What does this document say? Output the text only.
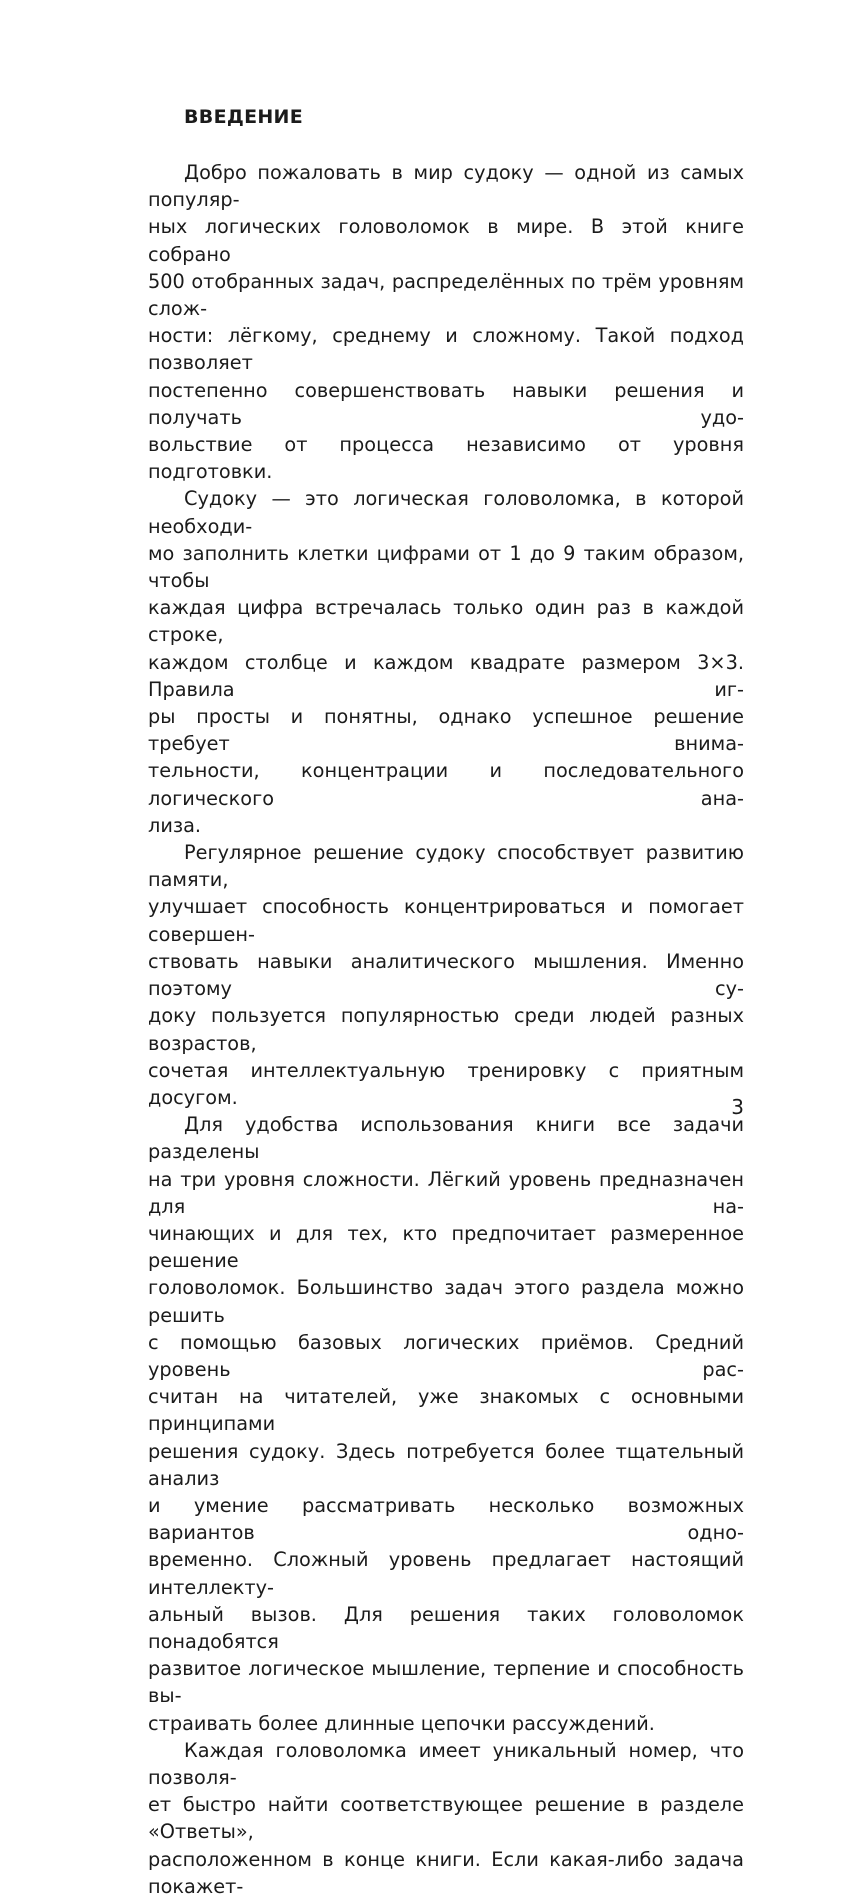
ВВЕДЕНИЕ

Добро пожаловать в мир судоку — одной из самых популяр-
ных логических головоломок в мире. В этой книге собрано
500 отобранных задач, распределённых по трём уровням слож-
ности: лёгкому, среднему и сложному. Такой подход позволяет
постепенно совершенствовать навыки решения и получать удо-
вольствие от процесса независимо от уровня подготовки.

Судоку — это логическая головоломка, в которой необходи-
мо заполнить клетки цифрами от 1 до 9 таким образом, чтобы
каждая цифра встречалась только один раз в каждой строке,
каждом столбце и каждом квадрате размером 3×3. Правила иг-
ры просты и понятны, однако успешное решение требует внима-
тельности, концентрации и последовательного логического ана-
лиза.

Регулярное решение судоку способствует развитию памяти,
улучшает способность концентрироваться и помогает совершен-
ствовать навыки аналитического мышления. Именно поэтому су-
доку пользуется популярностью среди людей разных возрастов,
сочетая интеллектуальную тренировку с приятным досугом.

Для удобства использования книги все задачи разделены
на три уровня сложности. Лёгкий уровень предназначен для на-
чинающих и для тех, кто предпочитает размеренное решение
головоломок. Большинство задач этого раздела можно решить
с помощью базовых логических приёмов. Средний уровень рас-
считан на читателей, уже знакомых с основными принципами
решения судоку. Здесь потребуется более тщательный анализ
и умение рассматривать несколько возможных вариантов одно-
временно. Сложный уровень предлагает настоящий интеллекту-
альный вызов. Для решения таких головоломок понадобятся
развитое логическое мышление, терпение и способность вы-
страивать более длинные цепочки рассуждений.

Каждая головоломка имеет уникальный номер, что позволя-
ет быстро найти соответствующее решение в разделе «Ответы»,
расположенном в конце книги. Если какая-либо задача покажет-

3
